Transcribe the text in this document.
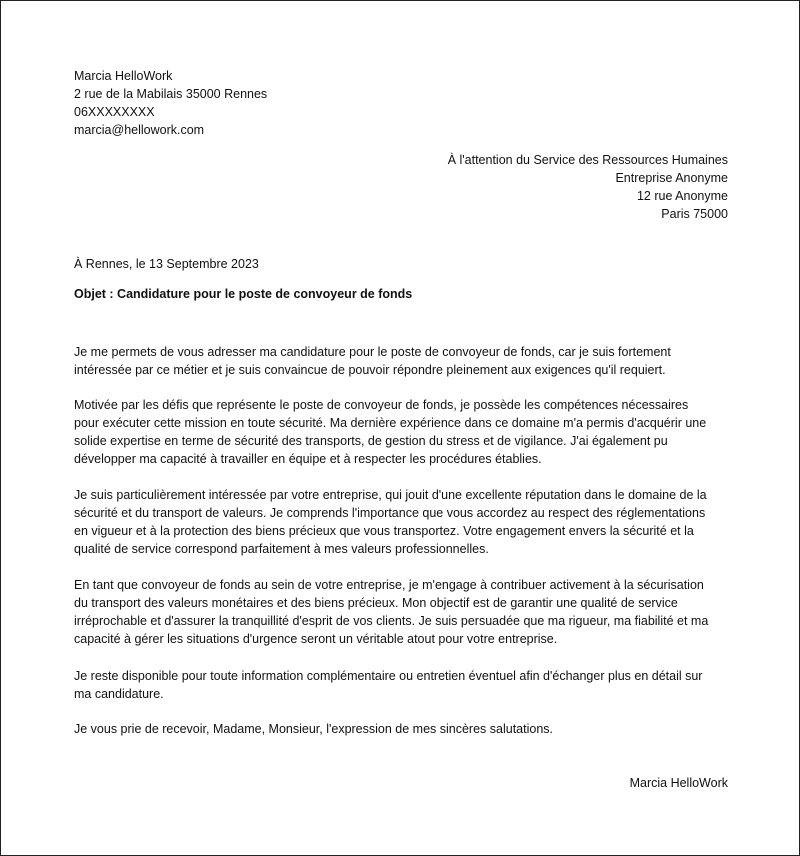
Marcia HelloWork
2 rue de la Mabilais 35000 Rennes
06XXXXXXXX
marcia@hellowork.com
À l'attention du Service des Ressources Humaines
Entreprise Anonyme
12 rue Anonyme
Paris 75000
À Rennes, le 13 Septembre 2023
Objet : Candidature pour le poste de convoyeur de fonds

Je me permets de vous adresser ma candidature pour le poste de convoyeur de fonds, car je suis fortement

intéressée par ce métier et je suis convaincue de pouvoir répondre pleinement aux exigences qu'il requiert.

Motivée par les défis que représente le poste de convoyeur de fonds, je possède les compétences nécessaires

pour exécuter cette mission en toute sécurité. Ma dernière expérience dans ce domaine m'a permis d'acquérir une

solide expertise en terme de sécurité des transports, de gestion du stress et de vigilance. J'ai également pu

développer ma capacité à travailler en équipe et à respecter les procédures établies.

Je suis particulièrement intéressée par votre entreprise, qui jouit d'une excellente réputation dans le domaine de la

sécurité et du transport de valeurs. Je comprends l'importance que vous accordez au respect des réglementations

en vigueur et à la protection des biens précieux que vous transportez. Votre engagement envers la sécurité et la

qualité de service correspond parfaitement à mes valeurs professionnelles.

En tant que convoyeur de fonds au sein de votre entreprise, je m'engage à contribuer activement à la sécurisation

du transport des valeurs monétaires et des biens précieux. Mon objectif est de garantir une qualité de service

irréprochable et d'assurer la tranquillité d'esprit de vos clients. Je suis persuadée que ma rigueur, ma fiabilité et ma

capacité à gérer les situations d'urgence seront un véritable atout pour votre entreprise.

Je reste disponible pour toute information complémentaire ou entretien éventuel afin d'échanger plus en détail sur

ma candidature.

Je vous prie de recevoir, Madame, Monsieur, l'expression de mes sincères salutations.

Marcia HelloWork
